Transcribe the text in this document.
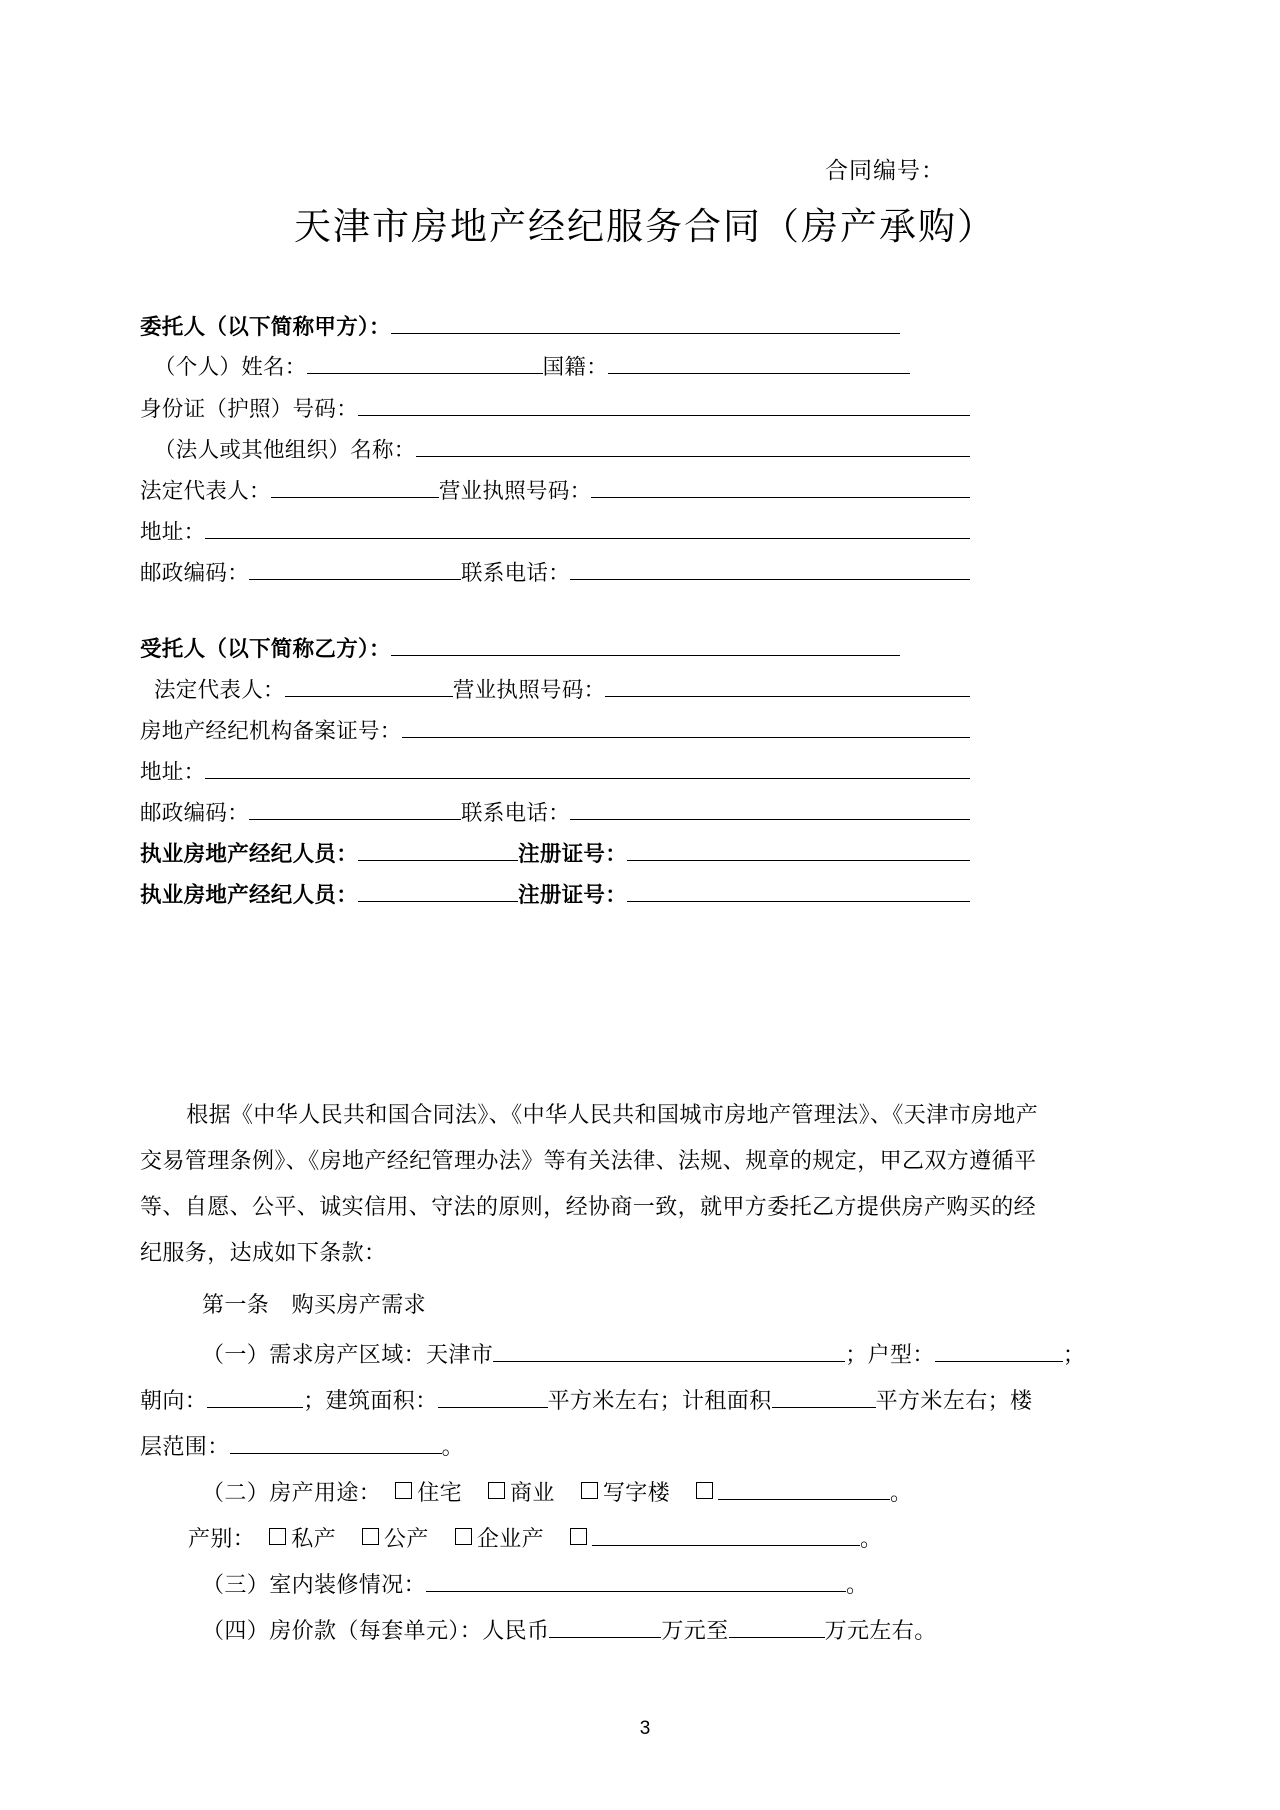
合同编号：
天津市房地产经纪服务合同（房产承购）
委托人（以下简称甲方）：
（个人）姓名：	国籍：
身份证（护照）号码：
（法人或其他组织）名称：
法定代表人：	营业执照号码：
地址：
邮政编码：	联系电话：
受托人（以下简称乙方）：
法定代表人：	营业执照号码：
房地产经纪机构备案证号：
地址：
邮政编码：	联系电话：
执业房地产经纪人员：	注册证号：
执业房地产经纪人员：	注册证号：

根据《中华人民共和国合同法》、《中华人民共和国城市房地产管理法》、《天津市房地产

交易管理条例》、《房地产经纪管理办法》等有关法律、法规、规章的规定，甲乙双方遵循平

等、自愿、公平、诚实信用、守法的原则，经协商一致，就甲方委托乙方提供房产购买的经

纪服务，达成如下条款：

第一条　购买房产需求
（一）需求房产区域：天津市	；户型：	；
朝向：	；建筑面积：	平方米左右；计租面积	平方米左右；楼
层范围：	。
（二）房产用途： 住宅 商业 写字楼	。
产别： 私产 公产 企业产	。
（三）室内装修情况：	。
（四）房价款（每套单元）：人民币	万元至	万元左右。
3
